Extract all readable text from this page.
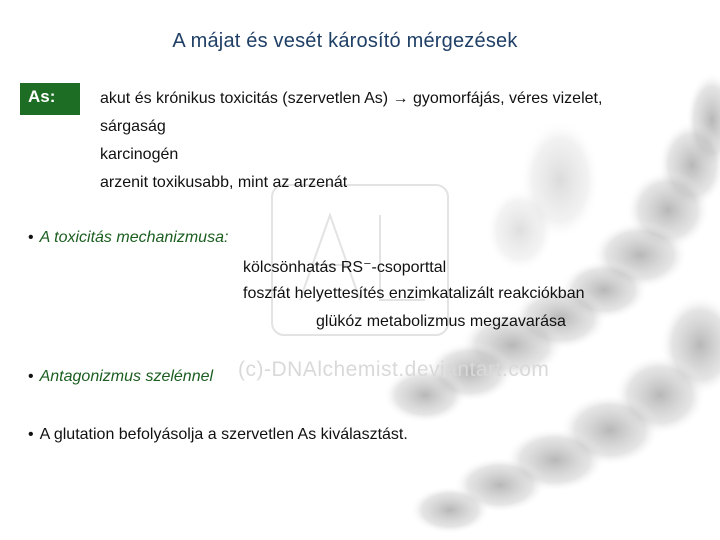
(c)-DNAlchemist.deviantart.com
A májat és vesét károsító mérgezések
As:	akut és krónikus toxicitás (szervetlen As) → gyomorfájás, véres vizelet,
sárgaság
karcinogén
arzenit toxikusabb, mint az arzenát
• A toxicitás mechanizmusa:
kölcsönhatás RS⁻-csoporttal
foszfát helyettesítés enzimkatalizált reakciókban
glükóz metabolizmus megzavarása
• Antagonizmus szelénnel
• A glutation befolyásolja a szervetlen As kiválasztást.
